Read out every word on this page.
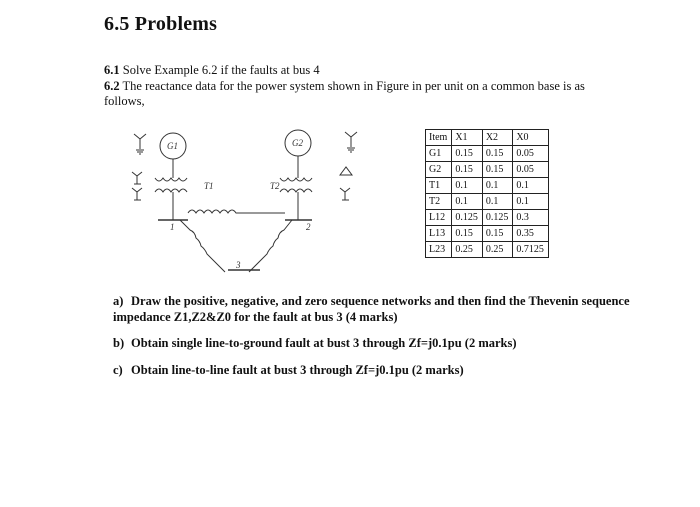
6.5 Problems
6.1 Solve Example 6.2 if the faults at bus 4
6.2 The reactance data for the power system shown in Figure in per unit on a common base is as follows,
G1	G2
T1	T2
1	2
3
Item	X1	X2	X0
G1	0.15	0.15	0.05
G2	0.15	0.15	0.05
T1	0.1	0.1	0.1
T2	0.1	0.1	0.1
L12	0.125	0.125	0.3
L13	0.15	0.15	0.35
L23	0.25	0.25	0.7125
a) Draw the positive, negative, and zero sequence networks and then find the Thevenin sequence impedance Z1,Z2&Z0 for the fault at bus 3 (4 marks)
b) Obtain single line-to-ground fault at bust 3 through Zf=j0.1pu (2 marks)
c) Obtain line-to-line fault at bust 3 through Zf=j0.1pu (2 marks)
